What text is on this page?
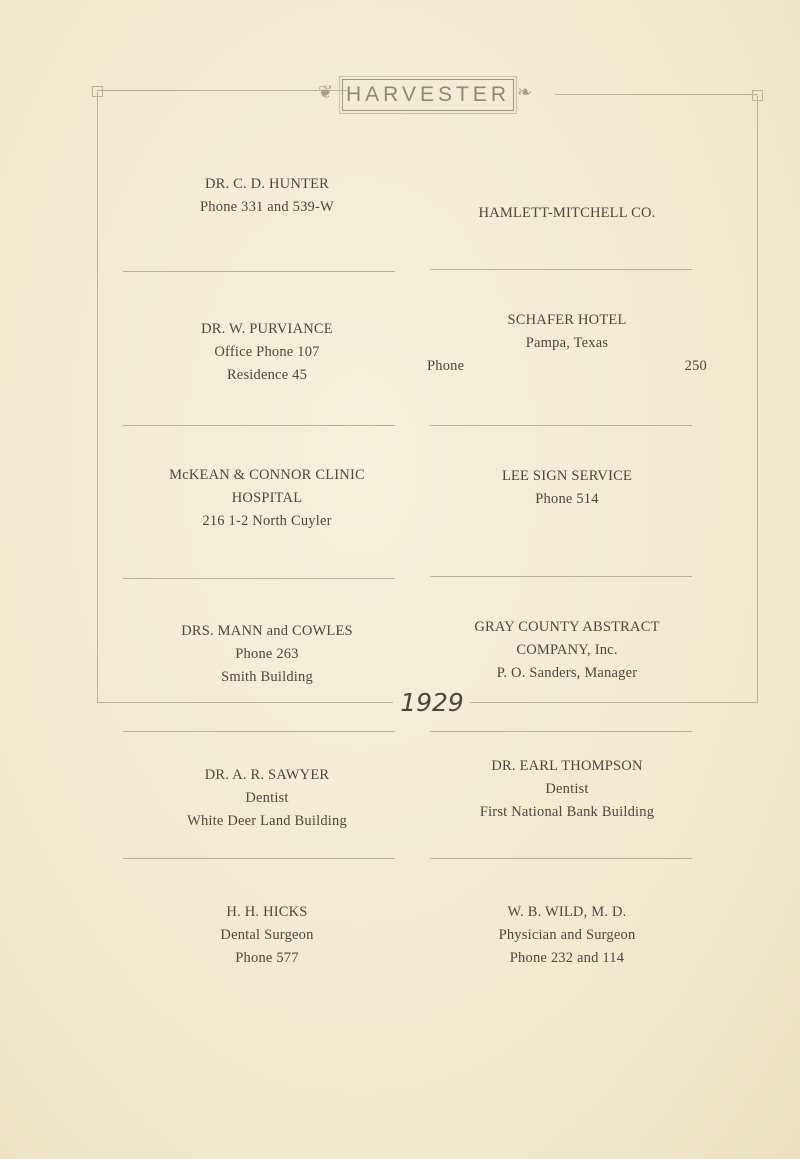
❦	❧
HARVESTER
DR. C. D. HUNTER
Phone 331 and 539-W
DR. W. PURVIANCE
Office Phone 107
Residence 45
McKEAN & CONNOR CLINIC
HOSPITAL
216 1-2 North Cuyler
DRS. MANN and COWLES
Phone 263
Smith Building
DR. A. R. SAWYER
Dentist
White Deer Land Building
H. H. HICKS
Dental Surgeon
Phone 577
HAMLETT-MITCHELL CO.
SCHAFER HOTEL
Pampa, Texas
Phone	250
LEE SIGN SERVICE
Phone 514
GRAY COUNTY ABSTRACT
COMPANY, Inc.
P. O. Sanders, Manager
DR. EARL THOMPSON
Dentist
First National Bank Building
W. B. WILD, M. D.
Physician and Surgeon
Phone 232 and 114
1929
